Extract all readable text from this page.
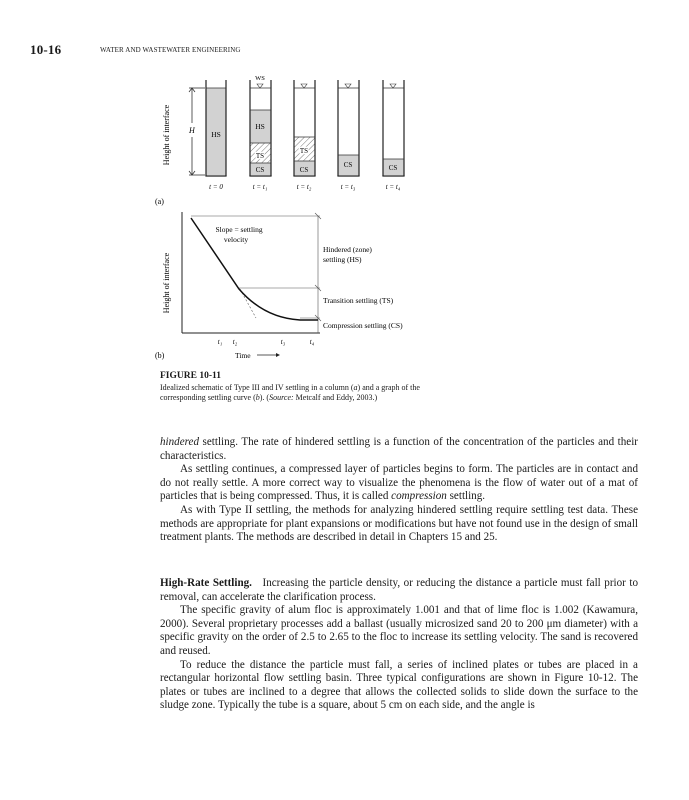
10-16	WATER AND WASTEWATER ENGINEERING
Height of interface
(a)
H HS
WS
HS
TS
CS
TS
CS
CS	CS
t = 0	t = t₁	t = t₂	t = t₃	t = t₄
Height of interface
(b)
Slope = settling velocity
Hindered (zone) settling (HS)
Transition settling (TS)
Compression settling (CS)
t₁ t₂	t₃	t₄
Time
FIGURE 10-11
Idealized schematic of Type III and IV settling in a column (a) and a graph of the corresponding settling curve (b). (Source: Metcalf and Eddy, 2003.)

hindered settling. The rate of hindered settling is a function of the concentration of the particles and their characteristics.

As settling continues, a compressed layer of particles begins to form. The particles are in contact and do not really settle. A more correct way to visualize the phenomena is the flow of water out of a mat of particles that is being compressed. Thus, it is called compression settling.

As with Type II settling, the methods for analyzing hindered settling require settling test data. These methods are appropriate for plant expansions or modifications but have not found use in the design of small treatment plants. The methods are described in detail in Chapters 15 and 25.

High-Rate Settling. Increasing the particle density, or reducing the distance a particle must fall prior to removal, can accelerate the clarification process.

The specific gravity of alum floc is approximately 1.001 and that of lime floc is 1.002 (Kawamura, 2000). Several proprietary processes add a ballast (usually microsized sand 20 to 200 μm diameter) with a specific gravity on the order of 2.5 to 2.65 to the floc to increase its settling velocity. The sand is recovered and reused.

To reduce the distance the particle must fall, a series of inclined plates or tubes are placed in a rectangular horizontal flow settling basin. Three typical configurations are shown in Figure 10-12. The plates or tubes are inclined to a degree that allows the collected solids to slide down the surface to the sludge zone. Typically the tube is a square, about 5 cm on each side, and the angle is
